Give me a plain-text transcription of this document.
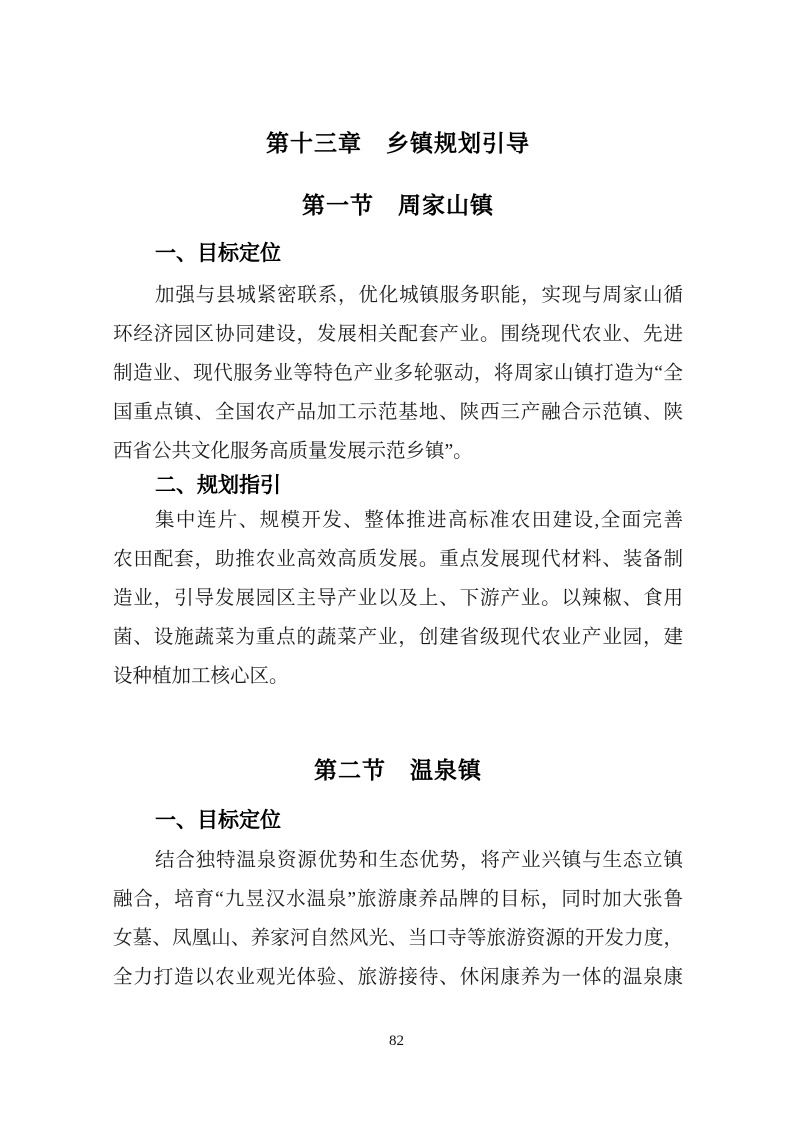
第十三章　乡镇规划引导
第一节　周家山镇
一、目标定位
加强与县城紧密联系，优化城镇服务职能，实现与周家山循
环经济园区协同建设，发展相关配套产业。围绕现代农业、先进
制造业、现代服务业等特色产业多轮驱动，将周家山镇打造为“全
国重点镇、全国农产品加工示范基地、陕西三产融合示范镇、陕
西省公共文化服务高质量发展示范乡镇”。
二、规划指引
集中连片、规模开发、整体推进高标准农田建设,全面完善
农田配套，助推农业高效高质发展。重点发展现代材料、装备制
造业，引导发展园区主导产业以及上、下游产业。以辣椒、食用
菌、设施蔬菜为重点的蔬菜产业，创建省级现代农业产业园，建
设种植加工核心区。
第二节　温泉镇
一、目标定位
结合独特温泉资源优势和生态优势，将产业兴镇与生态立镇
融合，培育“九昱汉水温泉”旅游康养品牌的目标，同时加大张鲁
女墓、凤凰山、养家河自然风光、当口寺等旅游资源的开发力度，
全力打造以农业观光体验、旅游接待、休闲康养为一体的温泉康
82
